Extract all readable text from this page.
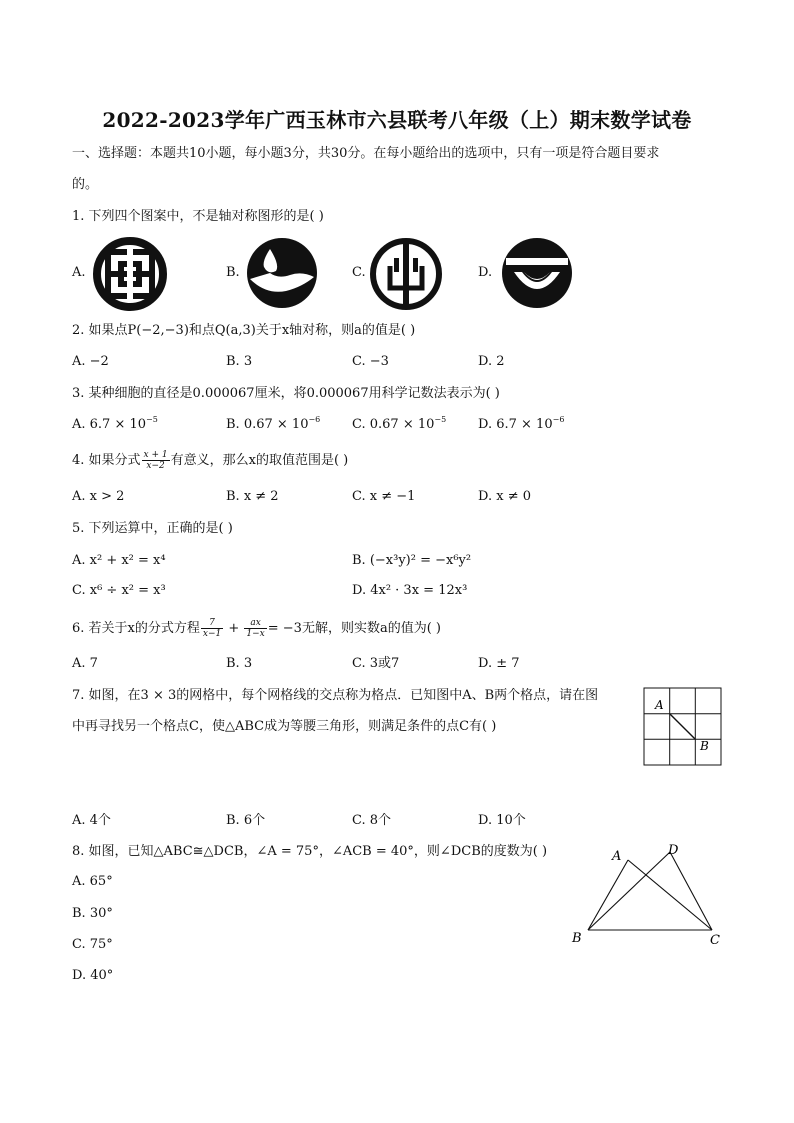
2022-2023学年广西玉林市六县联考八年级（上）期末数学试卷
一、选择题：本题共10小题，每小题3分，共30分。在每小题给出的选项中，只有一项是符合题目要求
的。
1. 下列四个图案中，不是轴对称图形的是( )
A.	B.	C.	D.
2. 如果点P(−2,−3)和点Q(a,3)关于x轴对称，则a的值是( )
A. −2	B. 3	C. −3	D. 2
3. 某种细胞的直径是0.000067厘米，将0.000067用科学记数法表示为( )
A. $6.7 \times 10^{-5}$	B. $0.67 \times 10^{-6}$ C. $0.67 \times 10^{-5}$ D. $6.7 \times 10^{-6}$
4. 如果分式 $\frac{x + 1}{x-2}$ 有意义，那么x的取值范围是( )
A. x > 2	B. x ≠ 2	C. x ≠ −1	D. x ≠ 0
5. 下列运算中，正确的是( )
A. x² + x² = x⁴	B. (−x³y)² = −x⁶y²
C. x⁶ ÷ x² = x³	D. 4x² · 3x = 12x³
6. 若关于x的分式方程 $\frac{7}{x-1} + \frac{ax}{1-x} = -3$无解，则实数a的值为( )
A. 7	B. 3	C. 3或7	D. ± 7
7. 如图，在3 × 3的网格中，每个网格线的交点称为格点．已知图中A、B两个格点，请在图
中再寻找另一个格点C，使△ABC成为等腰三角形，则满足条件的点C有( )
A
B
A. 4个	B. 6个	C. 8个	D. 10个
8. 如图，已知△ABC≅△DCB，∠A = 75°，∠ACB = 40°，则∠DCB的度数为( )
A. 65°
B. 30°
C. 75°
D. 40°
A	D
B	C
